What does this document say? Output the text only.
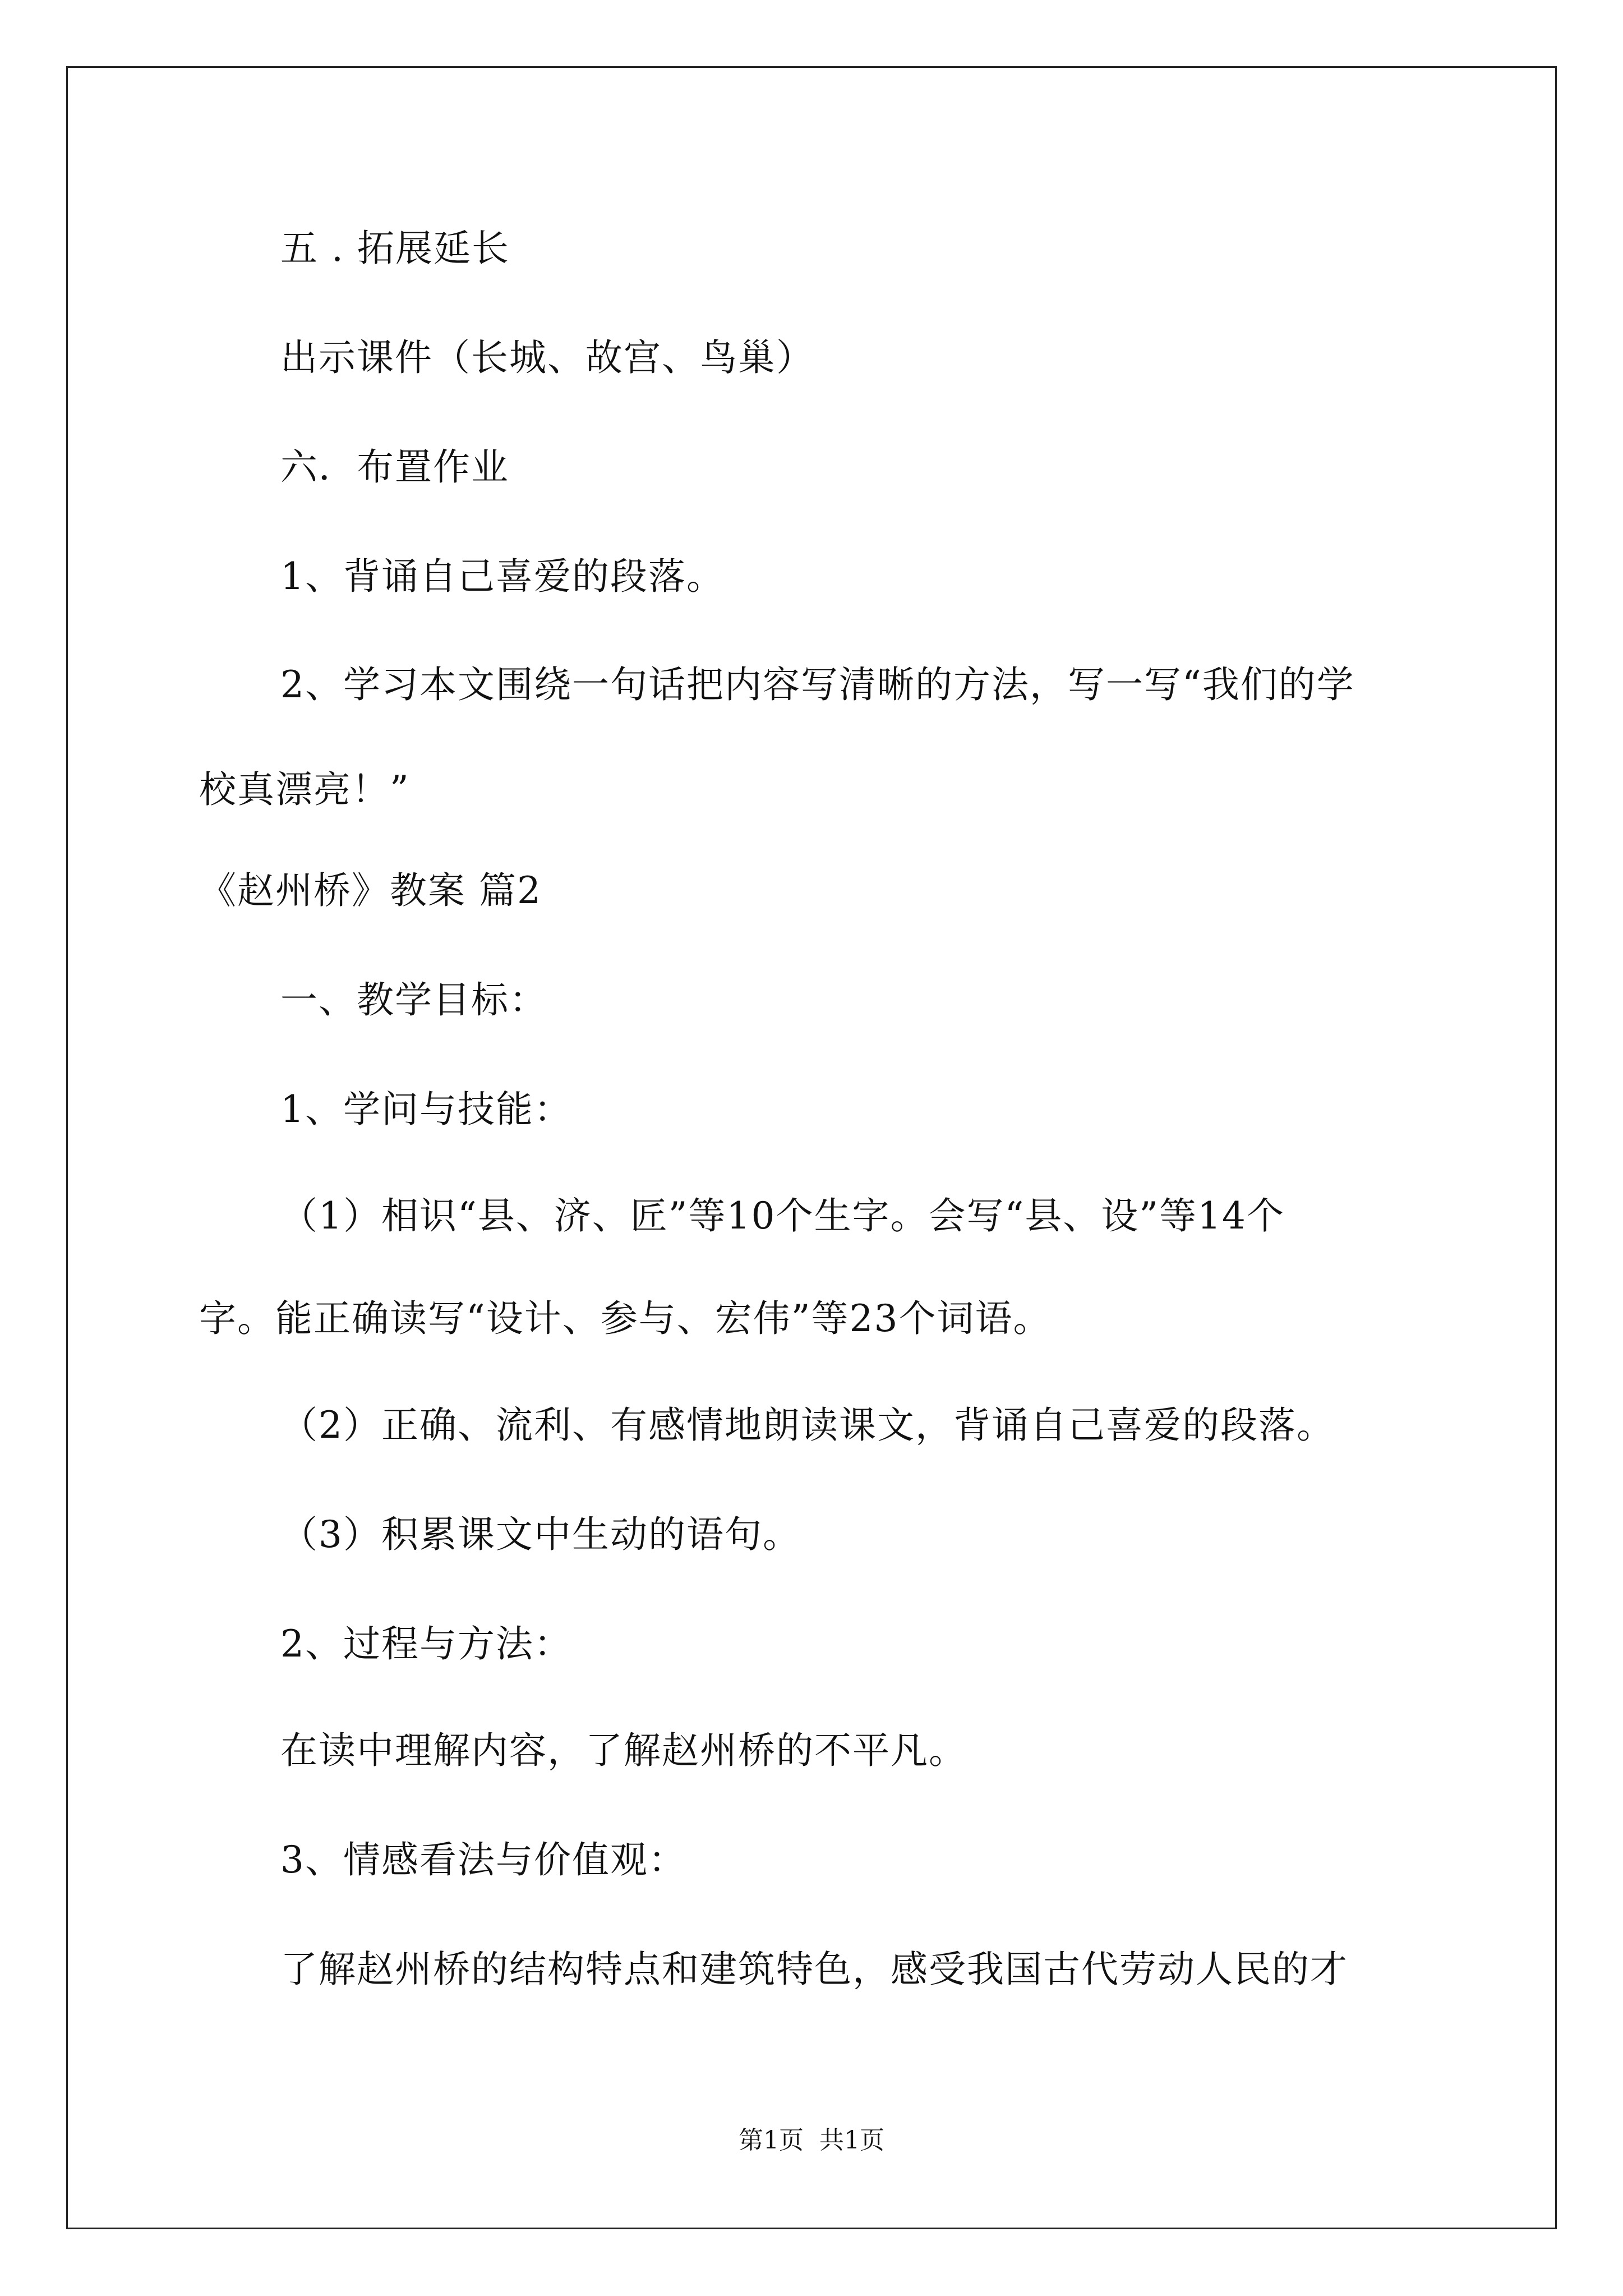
五 . 拓展延长
出示课件（长城、故宫、鸟巢）
六．布置作业
1、背诵自己喜爱的段落。
2、学习本文围绕一句话把内容写清晰的方法，写一写“我们的学
校真漂亮！”
《赵州桥》教案 篇2
一、教学目标：
1、学问与技能：
（1）相识“县、济、匠”等10个生字。会写“县、设”等14个
字。能正确读写“设计、参与、宏伟”等23个词语。
（2）正确、流利、有感情地朗读课文，背诵自己喜爱的段落。
（3）积累课文中生动的语句。
2、过程与方法：
在读中理解内容，了解赵州桥的不平凡。
3、情感看法与价值观：
了解赵州桥的结构特点和建筑特色，感受我国古代劳动人民的才
第1页  共1页
